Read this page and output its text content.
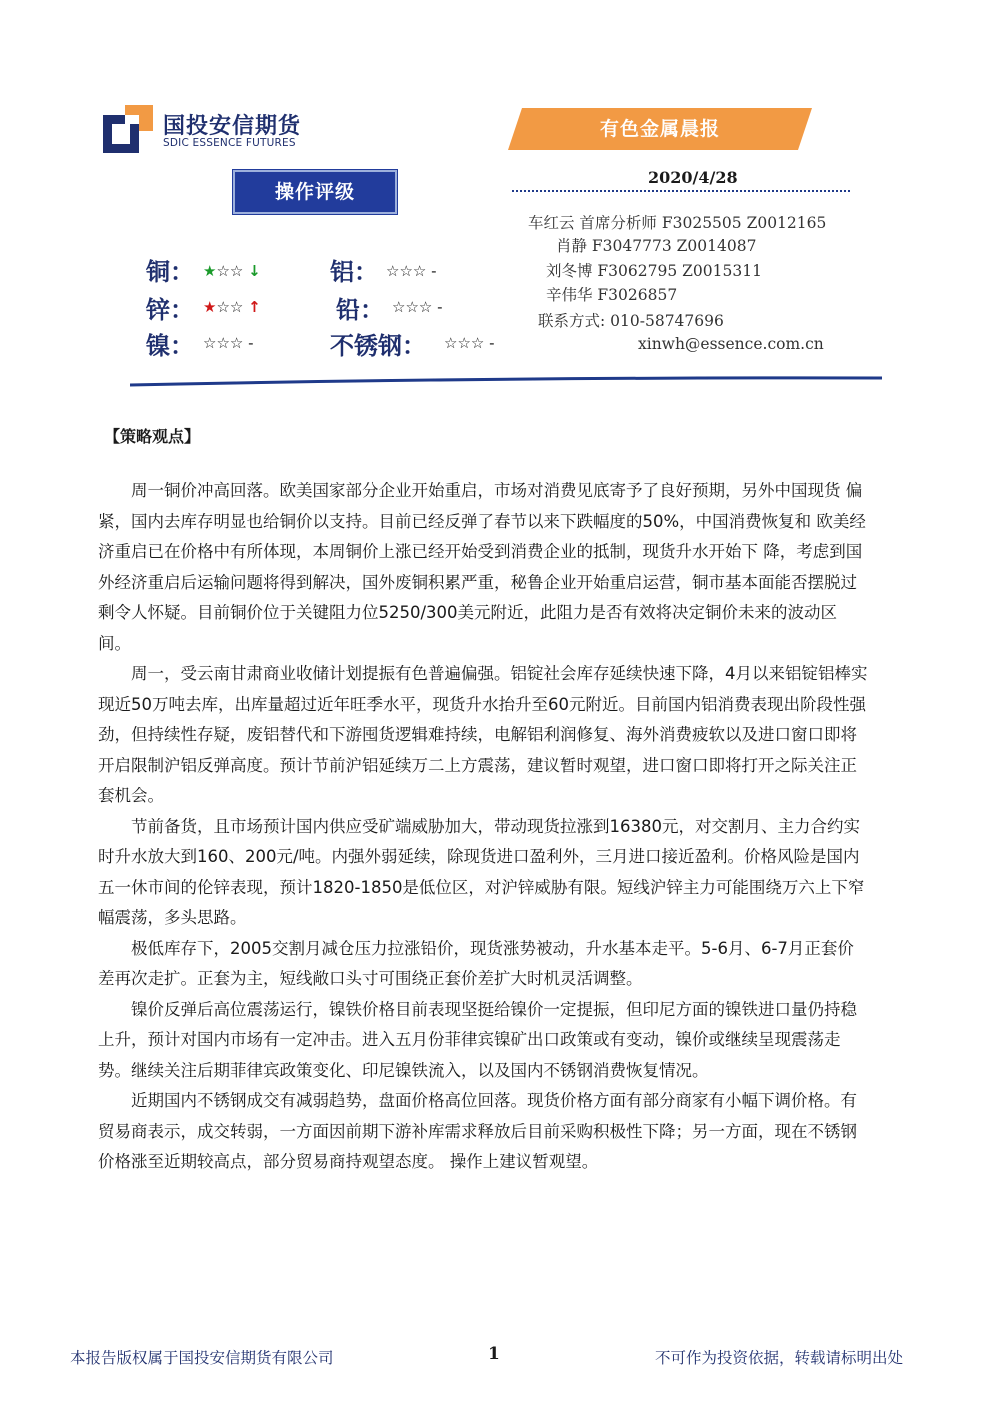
国投安信期货
SDIC ESSENCE FUTURES
有色金属晨报
2020/4/28
操作评级
铜： ★☆☆ ↓
锌： ★☆☆ ↑
镍： ☆☆☆ -
铝： ☆☆☆ -
铅： ☆☆☆ -
不锈钢： ☆☆☆ -
车红云 首席分析师 F3025505 Z0012165
肖静 F3047773 Z0014087
刘冬博 F3062795 Z0015311
辛伟华 F3026857
联系方式: 010-58747696
xinwh@essence.com.cn
【策略观点】

周一铜价冲高回落。欧美国家部分企业开始重启，市场对消费见底寄予了良好预期，另外中国现货 偏紧，国内去库存明显也给铜价以支持。目前已经反弹了春节以来下跌幅度的50%，中国消费恢复和 欧美经济重启已在价格中有所体现，本周铜价上涨已经开始受到消费企业的抵制，现货升水开始下 降，考虑到国外经济重启后运输问题将得到解决，国外废铜积累严重，秘鲁企业开始重启运营，铜市基本面能否摆脱过剩令人怀疑。目前铜价位于关键阻力位5250/300美元附近，此阻力是否有效将决定铜价未来的波动区间。

周一，受云南甘肃商业收储计划提振有色普遍偏强。铝锭社会库存延续快速下降，4月以来铝锭铝棒实现近50万吨去库，出库量超过近年旺季水平，现货升水抬升至60元附近。目前国内铝消费表现出阶段性强劲，但持续性存疑，废铝替代和下游囤货逻辑难持续，电解铝利润修复、海外消费疲软以及进口窗口即将开启限制沪铝反弹高度。预计节前沪铝延续万二上方震荡，建议暂时观望，进口窗口即将打开之际关注正套机会。

节前备货，且市场预计国内供应受矿端威胁加大，带动现货拉涨到16380元，对交割月、主力合约实时升水放大到160、200元/吨。内强外弱延续，除现货进口盈利外，三月进口接近盈利。价格风险是国内五一休市间的伦锌表现，预计1820-1850是低位区，对沪锌威胁有限。短线沪锌主力可能围绕万六上下窄幅震荡，多头思路。

极低库存下，2005交割月减仓压力拉涨铅价，现货涨势被动，升水基本走平。5-6月、6-7月正套价差再次走扩。正套为主，短线敞口头寸可围绕正套价差扩大时机灵活调整。

镍价反弹后高位震荡运行，镍铁价格目前表现坚挺给镍价一定提振，但印尼方面的镍铁进口量仍持稳上升，预计对国内市场有一定冲击。进入五月份菲律宾镍矿出口政策或有变动，镍价或继续呈现震荡走势。继续关注后期菲律宾政策变化、印尼镍铁流入，以及国内不锈钢消费恢复情况。

近期国内不锈钢成交有减弱趋势，盘面价格高位回落。现货价格方面有部分商家有小幅下调价格。有贸易商表示，成交转弱，一方面因前期下游补库需求释放后目前采购积极性下降；另一方面，现在不锈钢价格涨至近期较高点，部分贸易商持观望态度。 操作上建议暂观望。

本报告版权属于国投安信期货有限公司	1	不可作为投资依据，转载请标明出处
